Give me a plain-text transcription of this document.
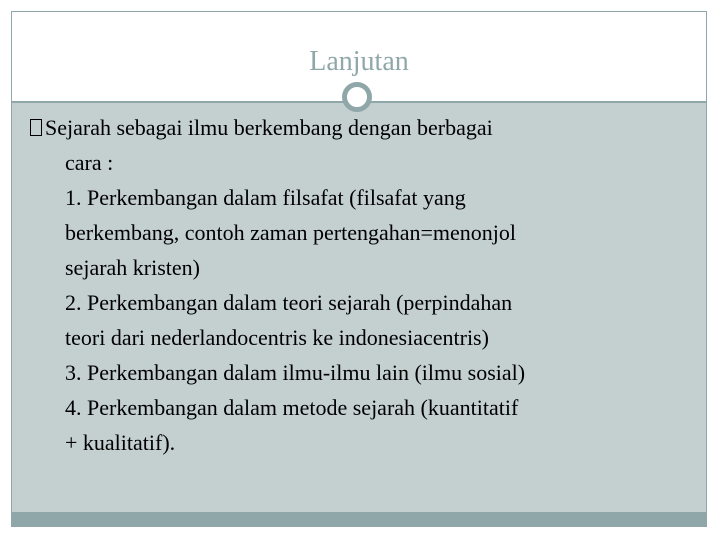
Lanjutan
Sejarah sebagai ilmu berkembang dengan berbagai
cara :
1. Perkembangan dalam filsafat (filsafat yang
berkembang, contoh zaman pertengahan=menonjol
sejarah kristen)
2. Perkembangan dalam teori sejarah (perpindahan
teori dari nederlandocentris ke indonesiacentris)
3. Perkembangan dalam ilmu-ilmu lain (ilmu sosial)
4. Perkembangan dalam metode sejarah (kuantitatif
+ kualitatif).
